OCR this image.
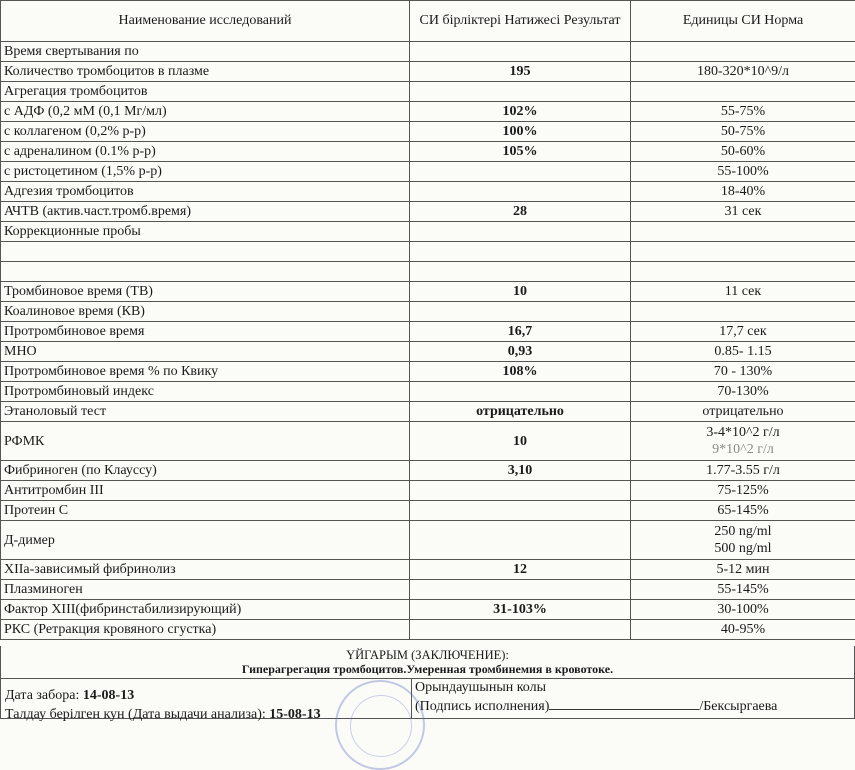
Наименование исследований	СИ бірліктері Натижесі Результат	Единицы СИ Норма
Время свертывания по		

Количество тромбоцитов в плазме	195	180-320*10^9/л

Агрегация тромбоцитов		

с АДФ (0,2 мМ (0,1 Мг/мл)	102%	55-75%

с коллагеном (0,2% р-р)	100%	50-75%

с адреналином (0.1% р-р)	105%	50-60%

с ристоцетином (1,5% р-р)		55-100%

Адгезия тромбоцитов		18-40%

АЧТВ (актив.част.тромб.время)	28	31 сек

Коррекционные пробы		

Тромбиновое время (ТВ)	10	11 сек

Коалиновое время (КВ)		

Протромбиновое время	16,7	17,7 сек

МНО	0,93	0.85- 1.15

Протромбиновое время % по Квику	108%	70 - 130%

Протромбиновый индекс		70-130%

Этаноловый тест	отрицательно	отрицательно

РФМК	10	3-4*10^2 г/л
9*10^2 г/л

Фибриноген (по Клауссу)	3,10	1.77-3.55 г/л

Антитромбин III		75-125%

Протеин С		65-145%

Д-димер		250 ng/ml
500 ng/ml

XIIа-зависимый фибринолиз	12	5-12 мин

Плазминоген		55-145%

Фактор XIII(фибринстабилизирующий)	31-103%	30-100%

РКС (Ретракция кровяного сгустка)		40-95%
ҮЙГАРЫМ (ЗАКЛЮЧЕНИЕ):
Гиперагрегация тромбоцитов.Умеренная тромбинемия в кровотоке.
Дата забора: 14-08-13
Талдау берілген кун (Дата выдачи анализа): 15-08-13
Орындаушынын колы
(Подпись исполнения)	/Бексыргаева
